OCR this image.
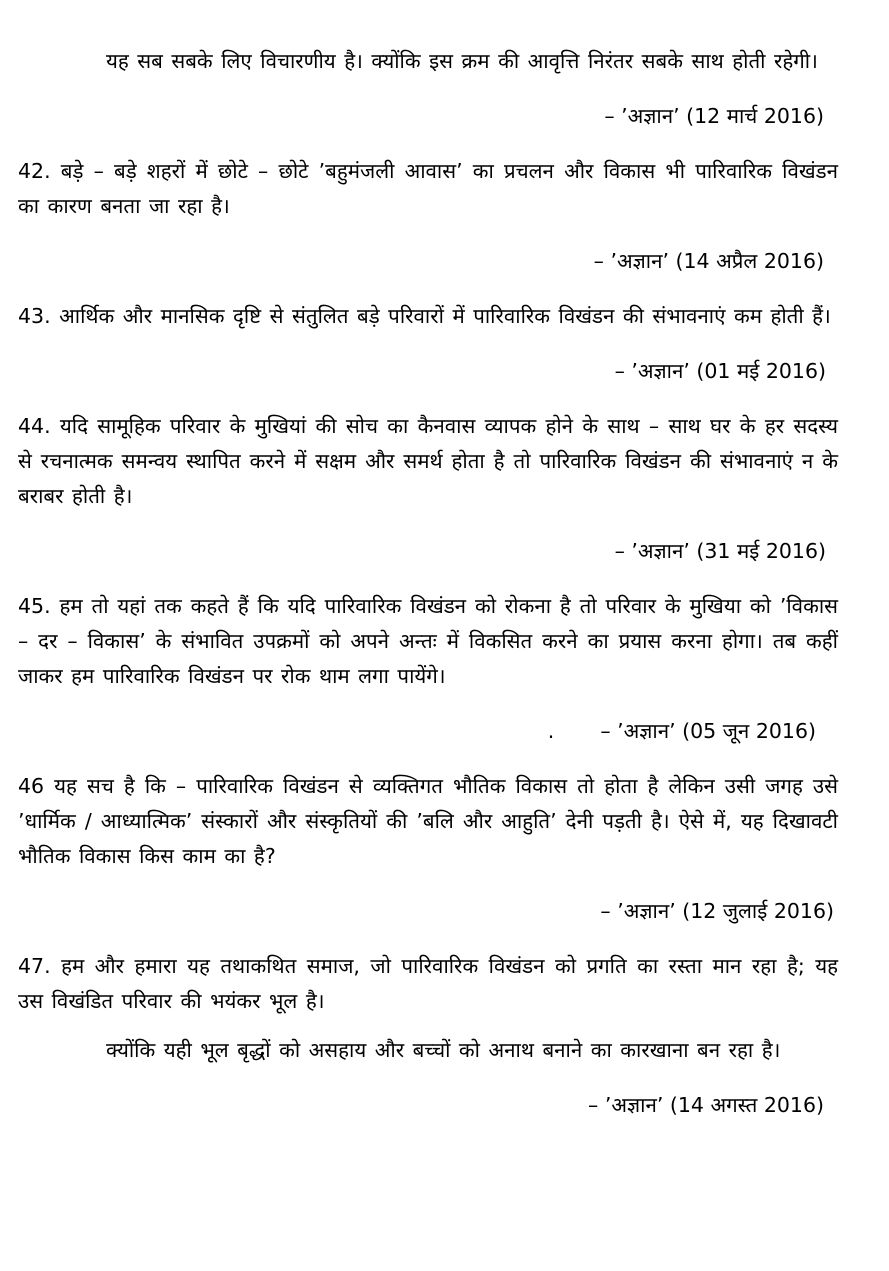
यह सब सबके लिए विचारणीय है। क्योंकि इस क्रम की आवृत्ति निरंतर सबके साथ होती रहेगी।

– ’अज्ञान’ (12 मार्च 2016)

42. बड़े – बड़े शहरों में छोटे – छोटे ’बहुमंजली आवास’ का प्रचलन और विकास भी पारिवारिक विखंडन का कारण बनता जा रहा है।

– ’अज्ञान’ (14 अप्रैल 2016)

43. आर्थिक और मानसिक दृष्टि से संतुलित बड़े परिवारों में पारिवारिक विखंडन की संभावनाएं कम होती हैं।

– ’अज्ञान’ (01 मई 2016)

44. यदि सामूहिक परिवार के मुखियां की सोच का कैनवास व्यापक होने के साथ – साथ घर के हर सदस्य से रचनात्मक समन्वय स्थापित करने में सक्षम और समर्थ होता है तो पारिवारिक विखंडन की संभावनाएं न के बराबर होती है।

– ’अज्ञान’ (31 मई 2016)

45. हम तो यहां तक कहते हैं कि यदि पारिवारिक विखंडन को रोकना है तो परिवार के मुखिया को ’विकास – दर – विकास’ के संभावित उपक्रमों को अपने अन्तः में विकसित करने का प्रयास करना होगा। तब कहीं जाकर हम पारिवारिक विखंडन पर रोक थाम लगा पायेंगे।

. – ’अज्ञान’ (05 जून 2016)

46 यह सच है कि – पारिवारिक विखंडन से व्यक्तिगत भौतिक विकास तो होता है लेकिन उसी जगह उसे ’धार्मिक / आध्यात्मिक’ संस्कारों और संस्कृतियों की ’बलि और आहुति’ देनी पड़ती है। ऐसे में, यह दिखावटी भौतिक विकास किस काम का है?

– ’अज्ञान’ (12 जुलाई 2016)

47. हम और हमारा यह तथाकथित समाज, जो पारिवारिक विखंडन को प्रगति का रस्ता मान रहा है; यह उस विखंडित परिवार की भयंकर भूल है।

क्योंकि यही भूल बृद्धों को असहाय और बच्चों को अनाथ बनाने का कारखाना बन रहा है।

– ’अज्ञान’ (14 अगस्त 2016)
